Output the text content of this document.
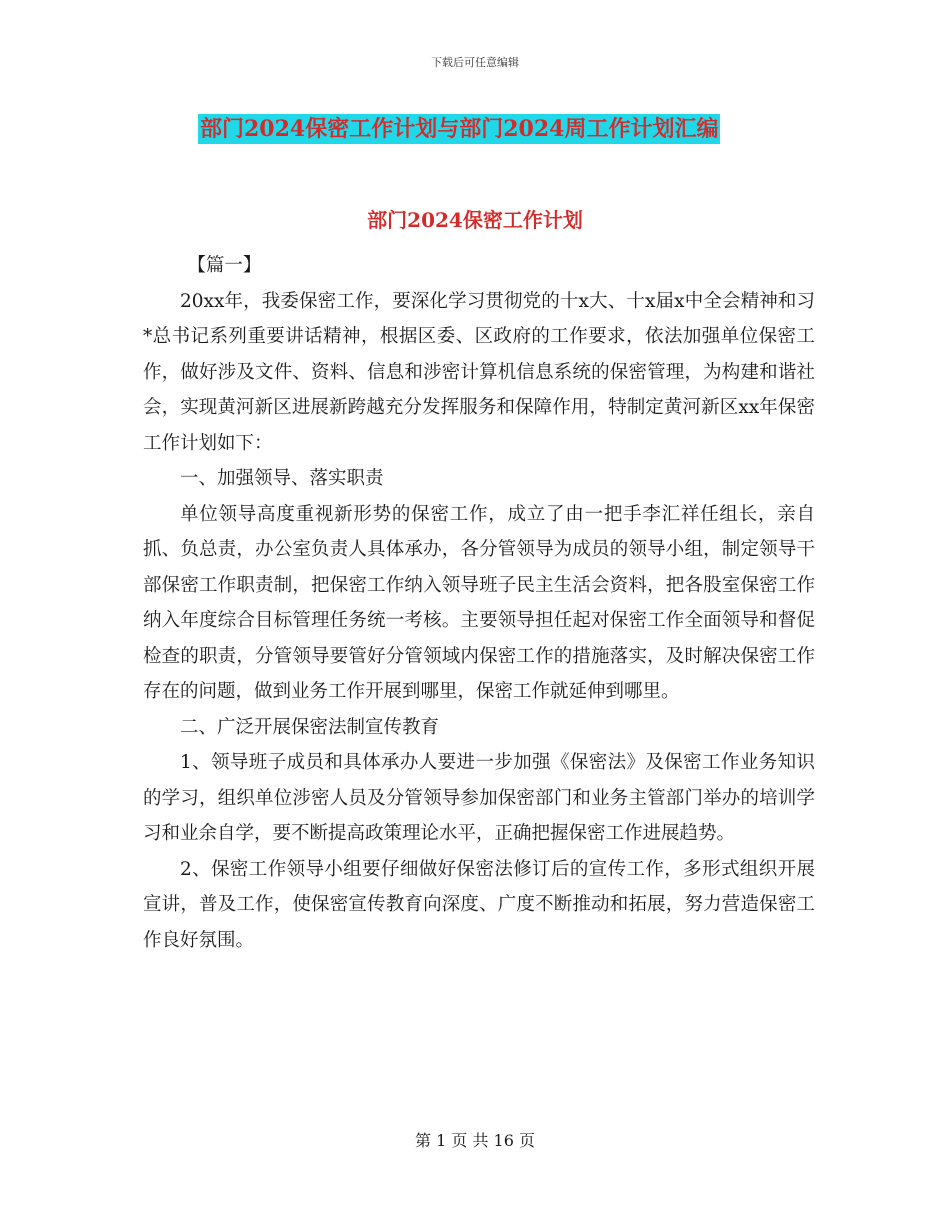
下载后可任意编辑
部门2024保密工作计划与部门2024周工作计划汇编
部门2024保密工作计划

【篇一】

20xx年，我委保密工作，要深化学习贯彻党的十x大、十x届x中全会精神和习*总书记系列重要讲话精神，根据区委、区政府的工作要求，依法加强单位保密工作，做好涉及文件、资料、信息和涉密计算机信息系统的保密管理，为构建和谐社会，实现黄河新区进展新跨越充分发挥服务和保障作用，特制定黄河新区xx年保密工作计划如下：

一、加强领导、落实职责

单位领导高度重视新形势的保密工作，成立了由一把手李汇祥任组长，亲自抓、负总责，办公室负责人具体承办，各分管领导为成员的领导小组，制定领导干部保密工作职责制，把保密工作纳入领导班子民主生活会资料，把各股室保密工作纳入年度综合目标管理任务统一考核。主要领导担任起对保密工作全面领导和督促检查的职责，分管领导要管好分管领域内保密工作的措施落实，及时解决保密工作存在的问题，做到业务工作开展到哪里，保密工作就延伸到哪里。

二、广泛开展保密法制宣传教育

1、领导班子成员和具体承办人要进一步加强《保密法》及保密工作业务知识的学习，组织单位涉密人员及分管领导参加保密部门和业务主管部门举办的培训学习和业余自学，要不断提高政策理论水平，正确把握保密工作进展趋势。

2、保密工作领导小组要仔细做好保密法修订后的宣传工作，多形式组织开展宣讲，普及工作，使保密宣传教育向深度、广度不断推动和拓展，努力营造保密工作良好氛围。

第 1 页 共 16 页
